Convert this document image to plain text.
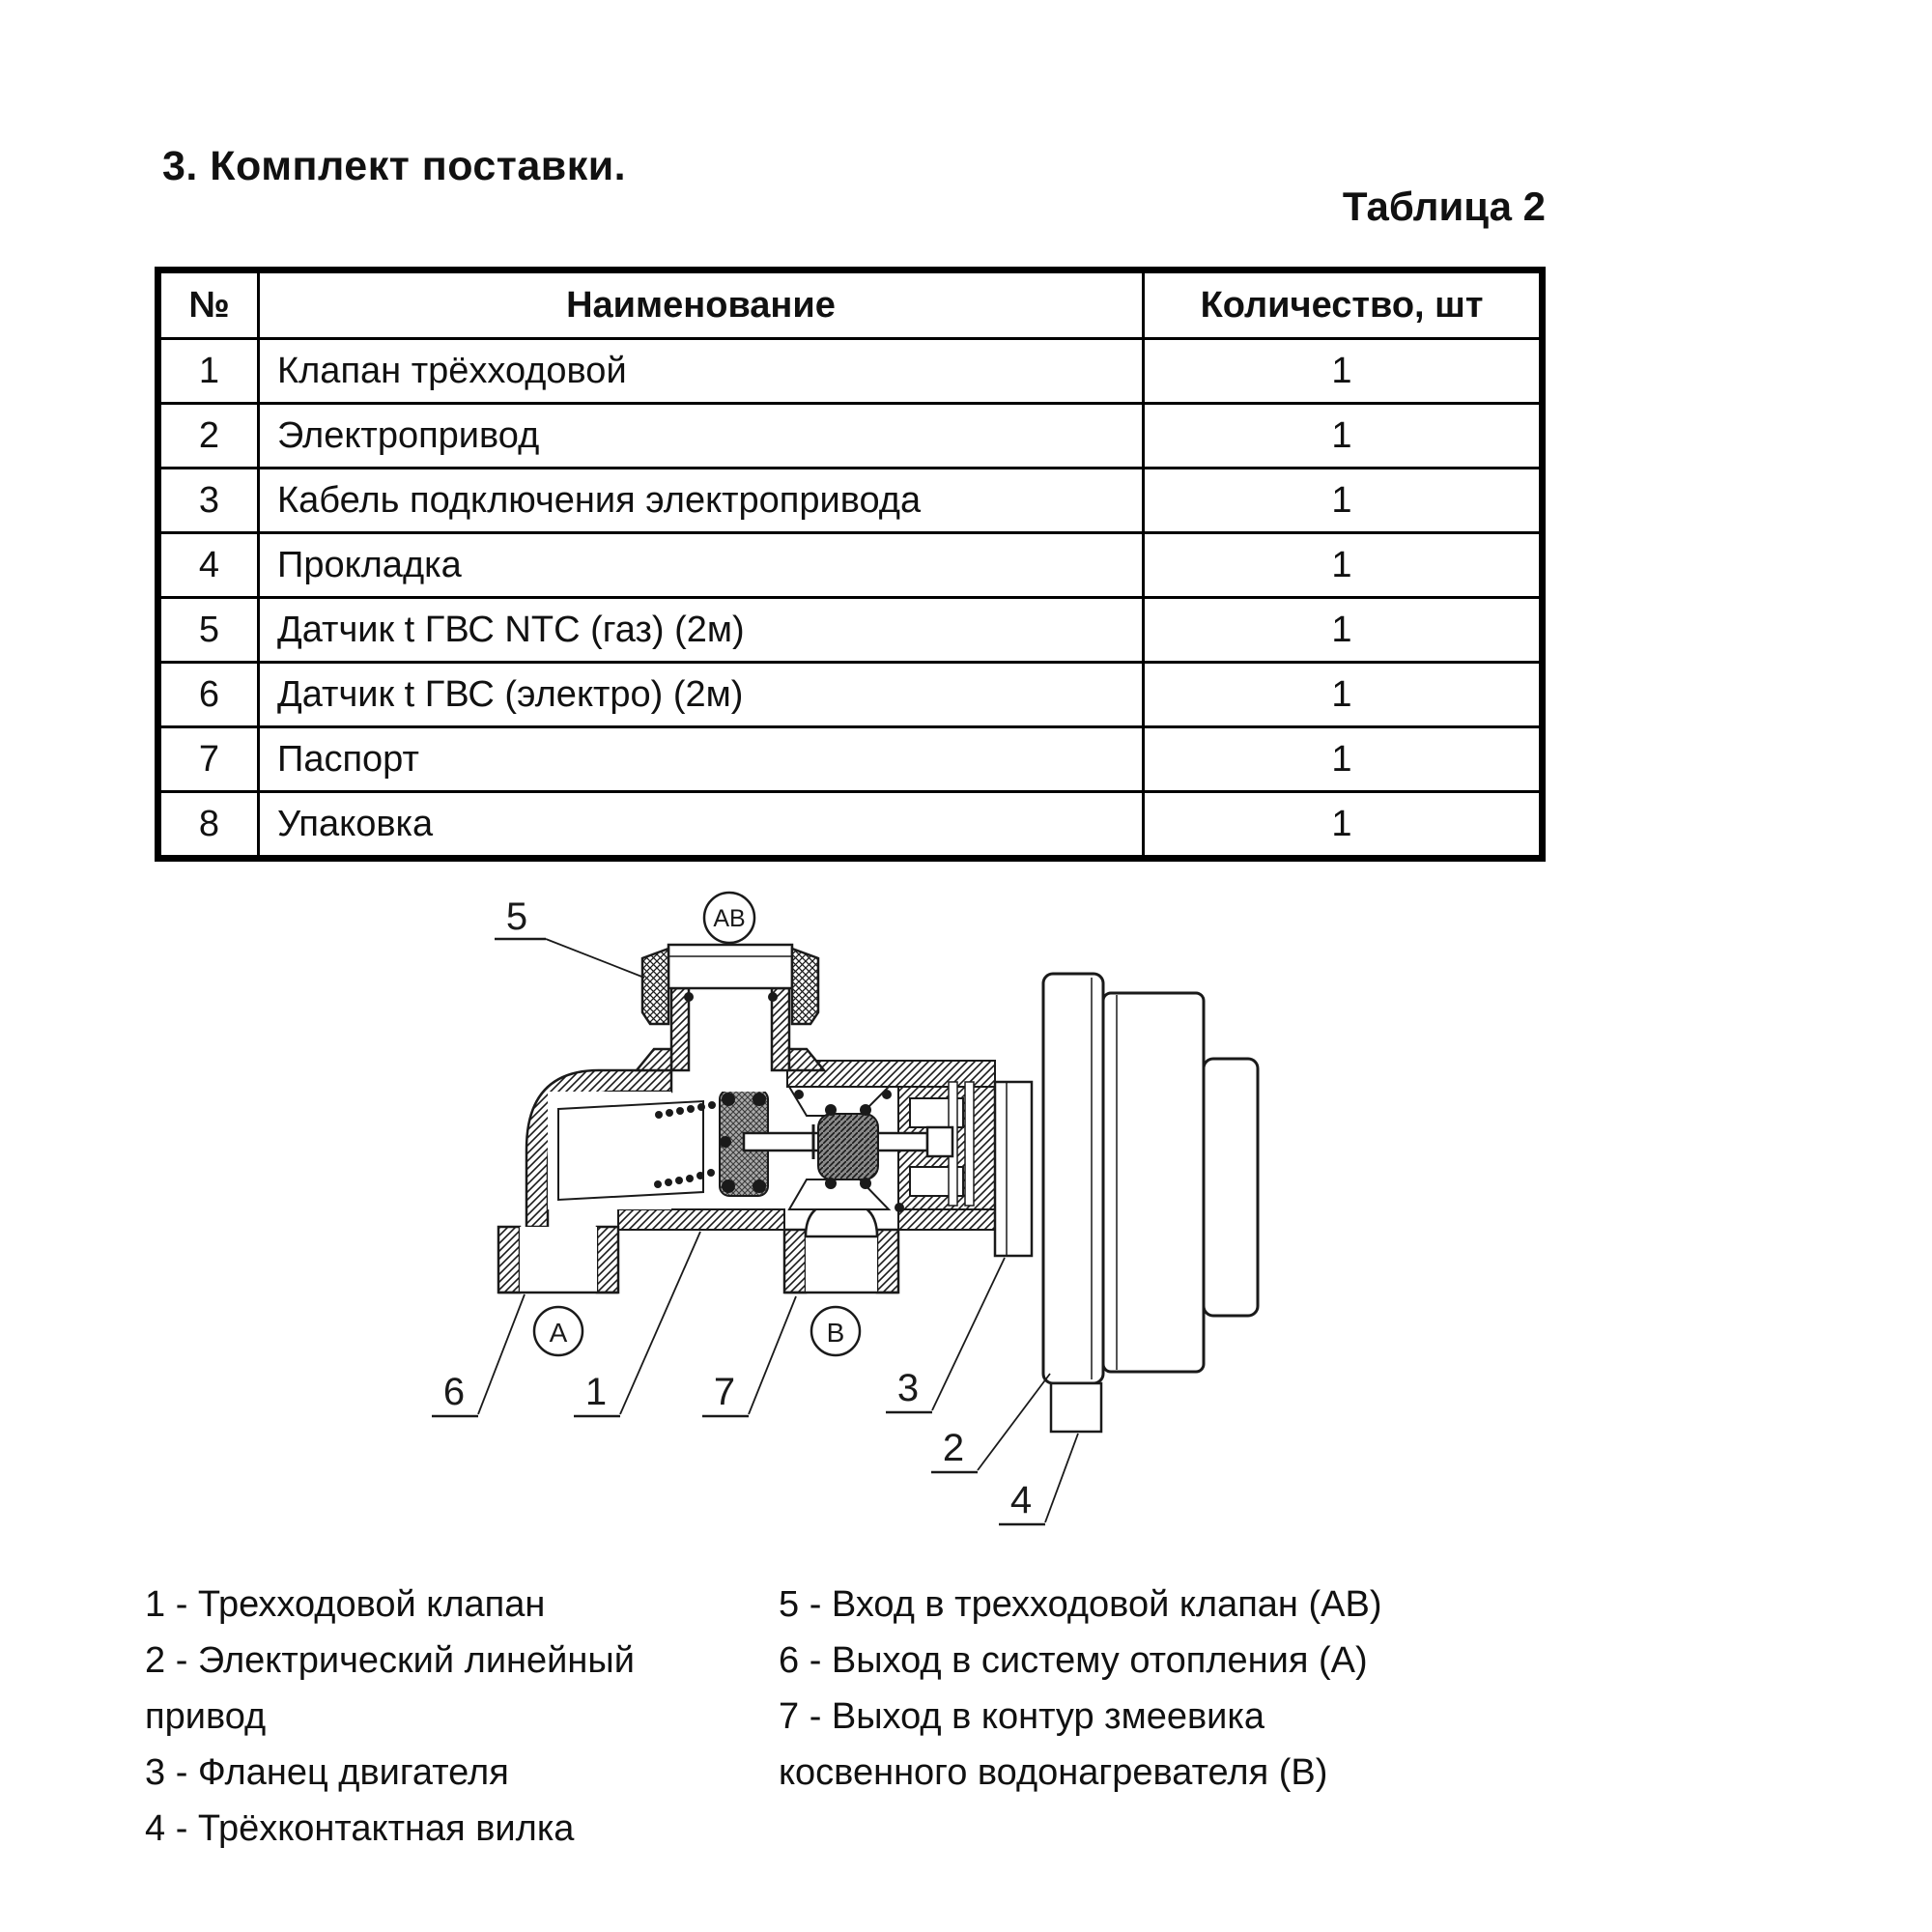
3. Комплект поставки.
Таблица 2
№	Наименование	Количество, шт
1	Клапан трёхходовой	1
2	Электропривод	1
3	Кабель подключения электропривода	1
4	Прокладка	1
5	Датчик t ГВС NTC (газ) (2м)	1
6	Датчик t ГВС (электро) (2м)	1
7	Паспорт	1
8	Упаковка	1
AB
A	B
5
6	1	7	3
2
4
1 - Трехходовой клапан
2 - Электрический линейный
привод
3 - Фланец двигателя
4 - Трёхконтактная вилка
5 - Вход в трехходовой клапан (АВ)
6 - Выход в систему отопления (А)
7 - Выход в контур змеевика
косвенного водонагревателя (В)
